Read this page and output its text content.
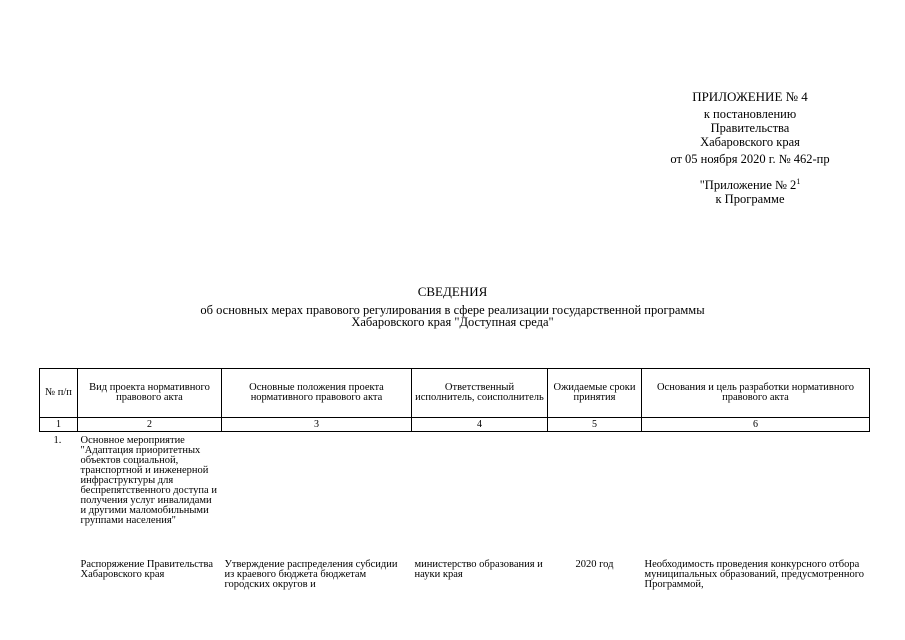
ПРИЛОЖЕНИЕ № 4
к постановлению
Правительства
Хабаровского края
от 05 ноября 2020 г. № 462-пр
"Приложение № $2^1$
к Программе
СВЕДЕНИЯ
об основных мерах правового регулирования в сфере реализации государственной программы
Хабаровского края "Доступная среда"
№ п/п	Вид проекта нормативного правового акта	Основные положения проекта нормативного правового акта	Ответственный исполнитель, соисполнитель	Ожидаемые сроки принятия	Основания и цель разработки нормативного правового акта
1	2	3	4	5	6
1.	Основное мероприятие "Адаптация приоритетных объектов социальной, транспортной и инженерной инфраструктуры для беспрепятственного доступа и получения услуг инвалидами и другими маломобильными группами населения"				

	Распоряжение Правительства Хабаровского края	Утверждение распределения субсидии из краевого бюджета бюджетам городских округов и	министерство образования и науки края	2020 год	Необходимость проведения конкурсного отбора муниципальных образований, предусмотренного Программой,
